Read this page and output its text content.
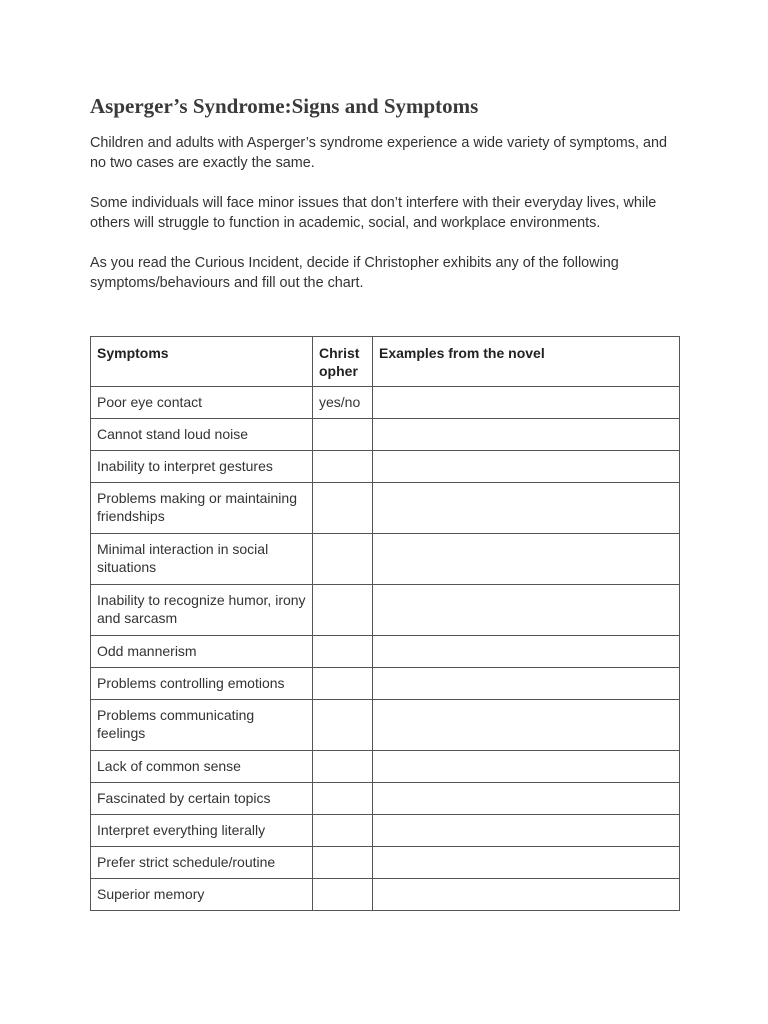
Asperger’s Syndrome:Signs and Symptoms

Children and adults with Asperger’s syndrome experience a wide variety of symptoms, and no two cases are exactly the same.

Some individuals will face minor issues that don’t interfere with their everyday lives, while others will struggle to function in academic, social, and workplace environments.

As you read the Curious Incident, decide if Christopher exhibits any of the following symptoms/behaviours and fill out the chart.

Symptoms	Christopher	Examples from the novel
Poor eye contact	yes/no	
Cannot stand loud noise		
Inability to interpret gestures		
Problems making or maintaining friendships		
Minimal interaction in social situations		
Inability to recognize humor, irony and sarcasm		
Odd mannerism		
Problems controlling emotions		
Problems communicating feelings		
Lack of common sense		
Fascinated by certain topics		
Interpret everything literally		
Prefer strict schedule/routine		
Superior memory		
